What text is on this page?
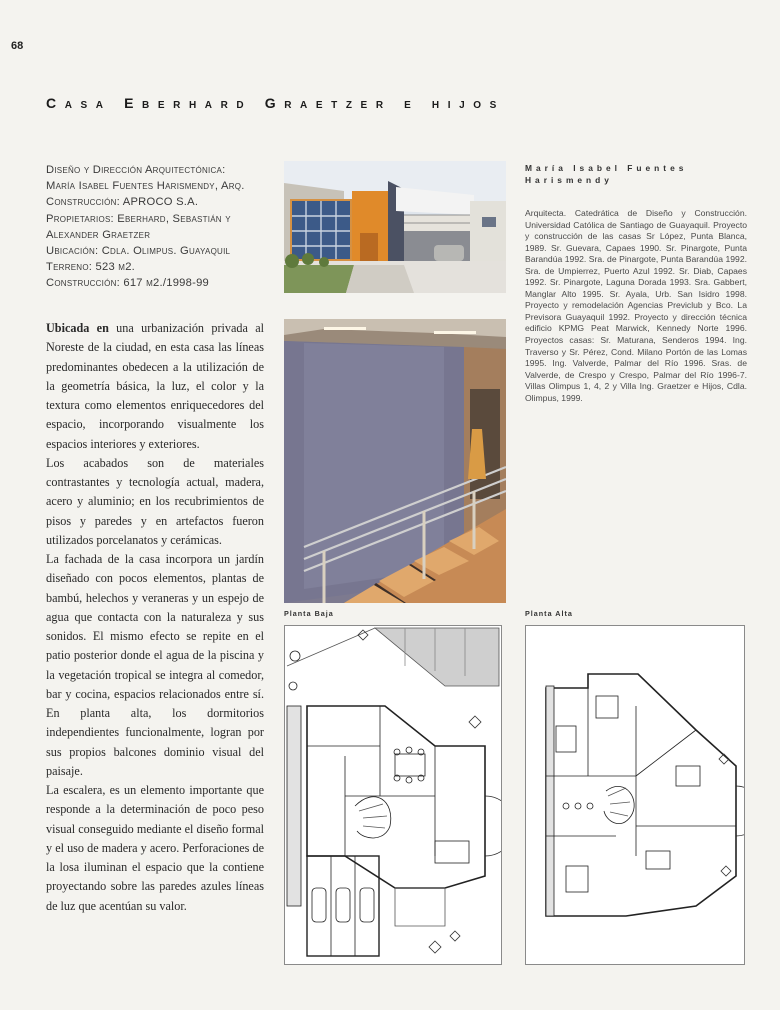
68
Casa Eberhard Graetzer e hijos
Diseño y Dirección Arquitectónica:
María Isabel Fuentes Harismendy, Arq.
Construcción: APROCO S.A.
Propietarios: Eberhard, Sebastián y
Alexander Graetzer
Ubicación: Cdla. Olimpus. Guayaquil
Terreno: 523 m2.
Construcción: 617 m2./1998-99

Ubicada en una urbanización privada al Noreste de la ciudad, en esta casa las líneas predominantes obedecen a la utilización de la geometría básica, la luz, el color y la textura como elementos enriquecedores del espacio, incorporando visualmente los espacios interiores y exteriores.

Los acabados son de materiales contrastantes y tecnología actual, madera, acero y aluminio; en los recubrimientos de pisos y paredes y en artefactos fueron utilizados porcelanatos y cerámicas.

La fachada de la casa incorpora un jardín diseñado con pocos elementos, plantas de bambú, helechos y veraneras y un espejo de agua que contacta con la naturaleza y sus sonidos. El mismo efecto se repite en el patio posterior donde el agua de la piscina y la vegetación tropical se integra al comedor, bar y cocina, espacios relacionados entre sí. En planta alta, los dormitorios independientes funcionalmente, logran por sus propios balcones dominio visual del paisaje.

La escalera, es un elemento importante que responde a la determinación de poco peso visual conseguido mediante el diseño formal y el uso de madera y acero. Perforaciones de la losa iluminan el espacio que la contiene proyectando sobre las paredes azules líneas de luz que acentúan su valor.

María Isabel Fuentes Harismendy
Arquitecta. Catedrática de Diseño y Construcción. Universidad Católica de Santiago de Guayaquil. Proyecto y construcción de las casas Sr López, Punta Blanca, 1989. Sr. Guevara, Capaes 1990. Sr. Pinargote, Punta Barandúa 1992. Sra. de Pinargote, Punta Barandúa 1992. Sra. de Umpierrez, Puerto Azul 1992. Sr. Diab, Capaes 1992. Sr. Pinargote, Laguna Dorada 1993. Sra. Gabbert, Manglar Alto 1995. Sr. Ayala, Urb. San Isidro 1998. Proyecto y remodelación Agencias Previclub y Bco. La Previsora Guayaquil 1992. Proyecto y dirección técnica edificio KPMG Peat Marwick, Kennedy Norte 1996. Proyectos casas: Sr. Maturana, Senderos 1994. Ing. Traverso y Sr. Pérez, Cond. Milano Portón de las Lomas 1995. Ing. Valverde, Palmar del Río 1996. Sras. de Valverde, de Crespo y Crespo, Palmar del Río 1996-7. Villas Olimpus 1, 4, 2 y Villa Ing. Graetzer e Hijos, Cdla. Olimpus, 1999.
Planta Baja	Planta Alta
